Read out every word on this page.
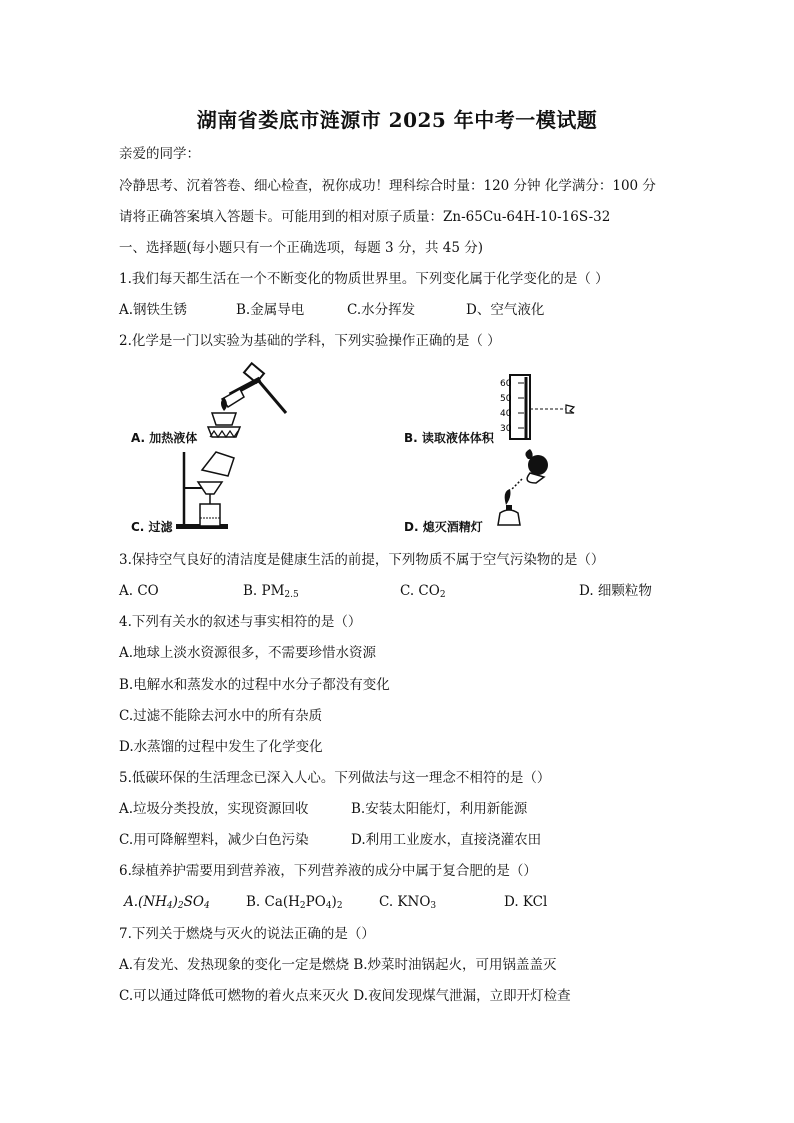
湖南省娄底市涟源市 2025 年中考一模试题
亲爱的同学：
冷静思考、沉着答卷、细心检查，祝你成功！理科综合时量：120 分钟 化学满分：100 分
请将正确答案填入答题卡。可能用到的相对原子质量：Zn-65Cu-64H-10-16S-32
一、选择题(每小题只有一个正确选项，每题 3 分，共 45 分)
1.我们每天都生活在一个不断变化的物质世界里。下列变化属于化学变化的是（ ）
A.钢铁生锈	B.金属导电	C.水分挥发	D、空气液化
2.化学是一门以实验为基础的学科，下列实验操作正确的是（ ）
A. 加热液体
60
50
40
30
B. 读取液体体积
C. 过滤	D. 熄灭酒精灯
3.保持空气良好的清洁度是健康生活的前提，下列物质不属于空气污染物的是（）
A. CO	B. $PM_{2.5}$	C. $CO_2$	D. 细颗粒物
4.下列有关水的叙述与事实相符的是（）
A.地球上淡水资源很多，不需要珍惜水资源
B.电解水和蒸发水的过程中水分子都没有变化
C.过滤不能除去河水中的所有杂质
D.水蒸馏的过程中发生了化学变化
5.低碳环保的生活理念已深入人心。下列做法与这一理念不相符的是（）
A.垃圾分类投放，实现资源回收	B.安装太阳能灯，利用新能源
C.用可降解塑料，减少白色污染	D.利用工业废水，直接浇灌农田
6.绿植养护需要用到营养液，下列营养液的成分中属于复合肥的是（）
$A.(NH_4)_2SO_4$	B. $Ca(H_2PO_4)_2$	C. $KNO_3$	D. KCl
7.下列关于燃烧与灭火的说法正确的是（）
A.有发光、发热现象的变化一定是燃烧 B.炒菜时油锅起火，可用锅盖盖灭
C.可以通过降低可燃物的着火点来灭火 D.夜间发现煤气泄漏，立即开灯检查
